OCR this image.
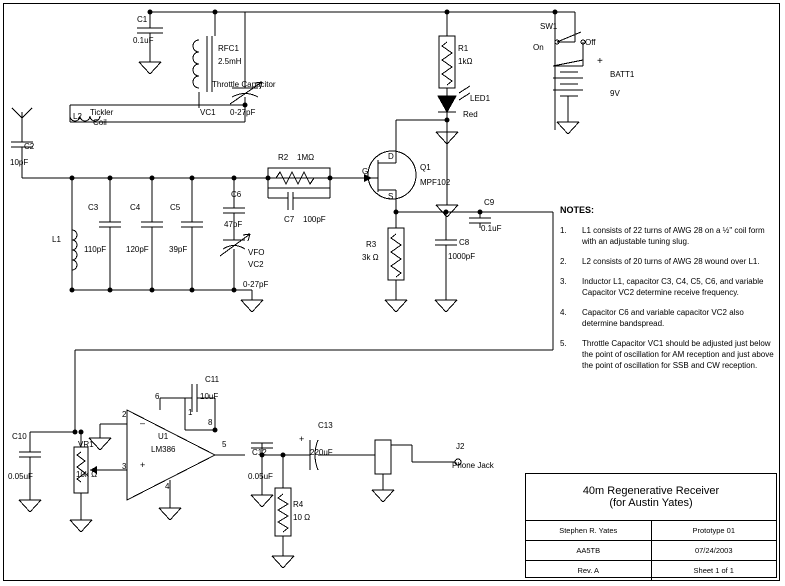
C1
0.1uF
RFC1
2.5mH
Throttle Capacitor
VC1 0-27pF
Tickler
Coil
L2
C2
10pF
L1
C3
110pF
C4
120pF
C5
39pF
C6
47pF
VFO
VC2
0-27pF
R2 1MΩ
C7 100pF
Q1
MPF102
D
G
S
R3
3k Ω
C8
1000pF
C9
0.1uF
R1
1kΩ
LED1
Red
SW1
On
Off
BATT1
9V
+
C10
0.05uF
VR1
10k Ω
U1
LM386
2
3
6
1
8
5
4
+
–
C11
10uF
C12
0.05uF
C13
220uF
+
R4
10 Ω
J2
Phone Jack
NOTES:
1.	L1 consists of 22 turns of AWG 28 on a ½" coil form with an adjustable tuning slug.
2.	L2 consists of 20 turns of AWG 28 wound over L1.
3.	Inductor L1, capacitor C3, C4, C5, C6, and variable Capacitor VC2 determine receive frequency.
4.	Capacitor C6 and variable capacitor VC2 also determine bandspread.
5.	Throttle Capacitor VC1 should be adjusted just below the point of oscillation for AM reception and just above the point of oscillation for SSB and CW reception.
40m Regenerative Receiver
(for Austin Yates)
Stephen R. Yates	Prototype 01
AA5TB	07/24/2003
Rev. A	Sheet 1 of 1
